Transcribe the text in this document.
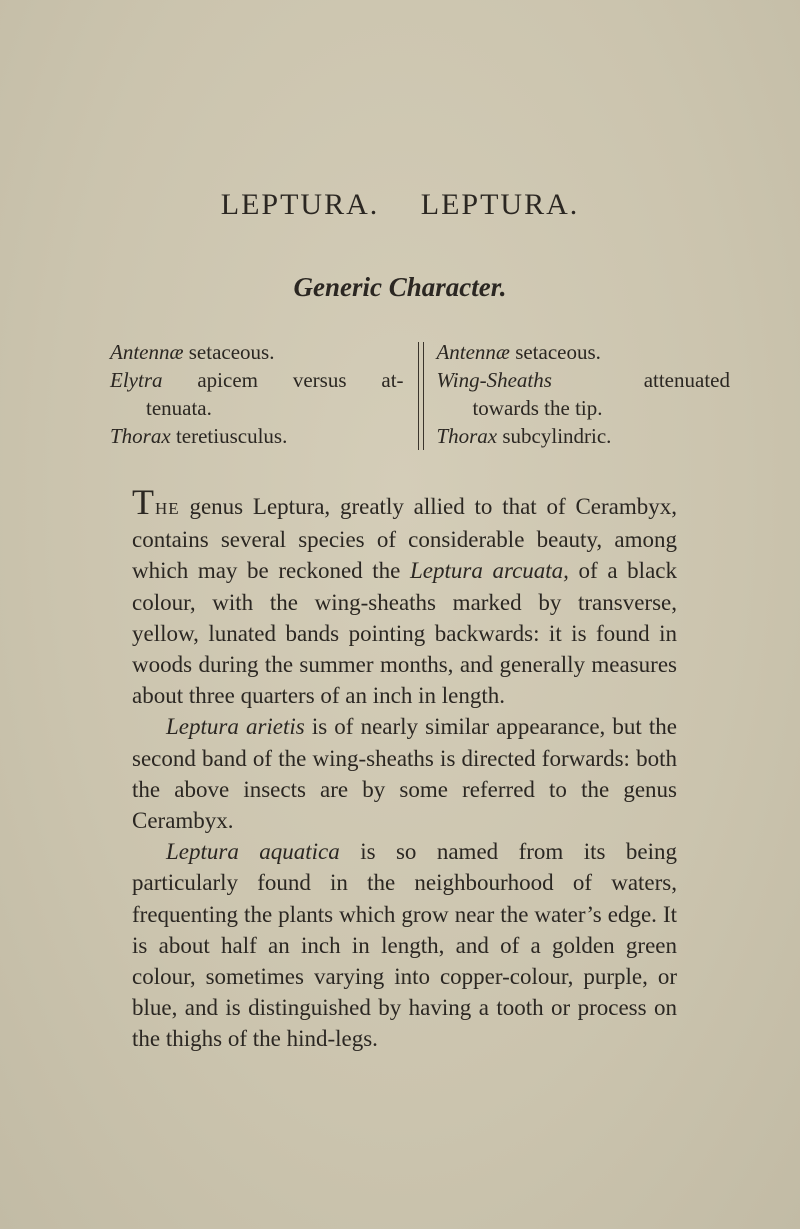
LEPTURA. LEPTURA.
Generic Character.

Antennæ setaceous.

Elytra apicem versus at-

tenuata.

Thorax teretiusculus.

Antennæ setaceous.

Wing-Sheaths attenuated

towards the tip.

Thorax subcylindric.

THE genus Leptura, greatly allied to that of Cerambyx, contains several species of considerable beauty, among which may be reckoned the Leptura arcuata, of a black colour, with the wing-sheaths marked by transverse, yellow, lunated bands pointing backwards: it is found in woods during the summer months, and generally measures about three quarters of an inch in length.

Leptura arietis is of nearly similar appearance, but the second band of the wing-sheaths is directed forwards: both the above insects are by some referred to the genus Cerambyx.

Leptura aquatica is so named from its being particularly found in the neighbourhood of waters, frequenting the plants which grow near the water’s edge. It is about half an inch in length, and of a golden green colour, sometimes varying into copper-colour, purple, or blue, and is distinguished by having a tooth or process on the thighs of the hind-legs.
